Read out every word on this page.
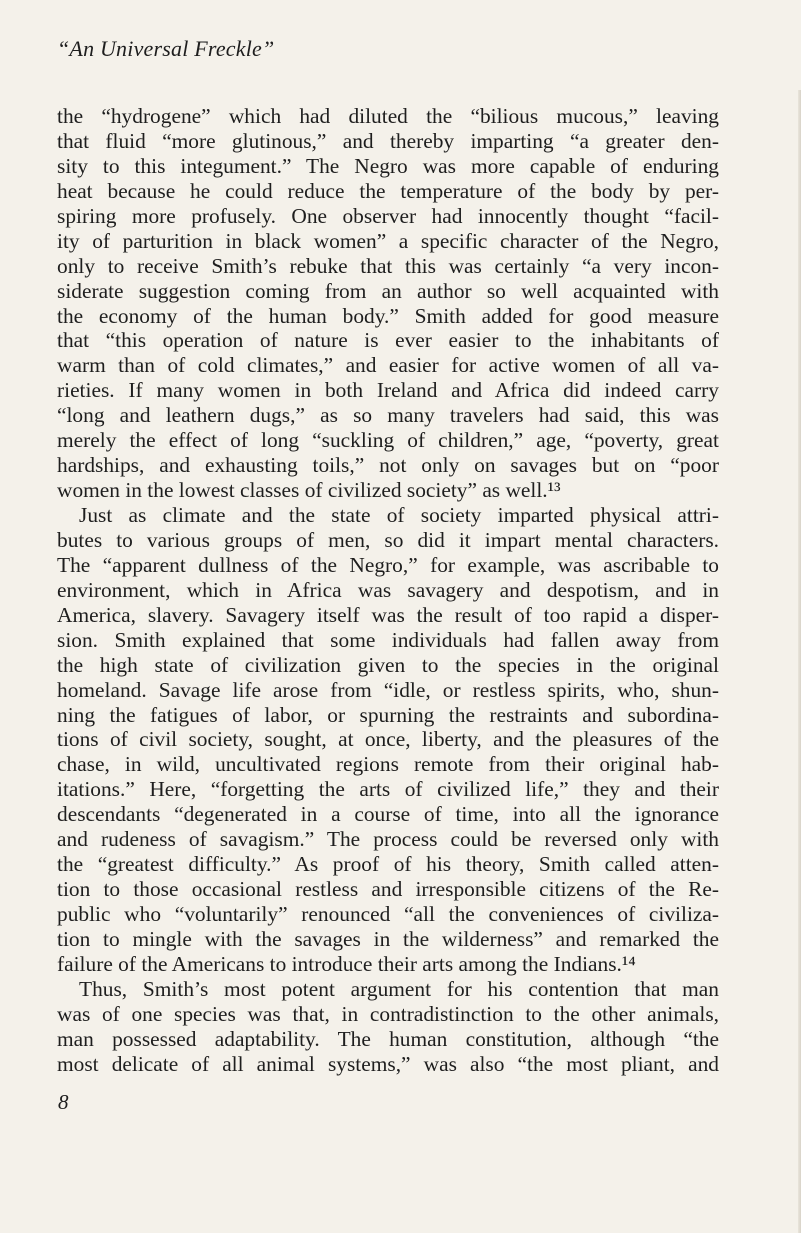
“An Universal Freckle”
the “hydrogene” which had diluted the “bilious mucous,” leaving
that fluid “more glutinous,” and thereby imparting “a greater den-
sity to this integument.” The Negro was more capable of enduring
heat because he could reduce the temperature of the body by per-
spiring more profusely. One observer had innocently thought “facil-
ity of parturition in black women” a specific character of the Negro,
only to receive Smith’s rebuke that this was certainly “a very incon-
siderate suggestion coming from an author so well acquainted with
the economy of the human body.” Smith added for good measure
that “this operation of nature is ever easier to the inhabitants of
warm than of cold climates,” and easier for active women of all va-
rieties. If many women in both Ireland and Africa did indeed carry
“long and leathern dugs,” as so many travelers had said, this was
merely the effect of long “suckling of children,” age, “poverty, great
hardships, and exhausting toils,” not only on savages but on “poor
women in the lowest classes of civilized society” as well.¹³
Just as climate and the state of society imparted physical attri-
butes to various groups of men, so did it impart mental characters.
The “apparent dullness of the Negro,” for example, was ascribable to
environment, which in Africa was savagery and despotism, and in
America, slavery. Savagery itself was the result of too rapid a disper-
sion. Smith explained that some individuals had fallen away from
the high state of civilization given to the species in the original
homeland. Savage life arose from “idle, or restless spirits, who, shun-
ning the fatigues of labor, or spurning the restraints and subordina-
tions of civil society, sought, at once, liberty, and the pleasures of the
chase, in wild, uncultivated regions remote from their original hab-
itations.” Here, “forgetting the arts of civilized life,” they and their
descendants “degenerated in a course of time, into all the ignorance
and rudeness of savagism.” The process could be reversed only with
the “greatest difficulty.” As proof of his theory, Smith called atten-
tion to those occasional restless and irresponsible citizens of the Re-
public who “voluntarily” renounced “all the conveniences of civiliza-
tion to mingle with the savages in the wilderness” and remarked the
failure of the Americans to introduce their arts among the Indians.¹⁴
Thus, Smith’s most potent argument for his contention that man
was of one species was that, in contradistinction to the other animals,
man possessed adaptability. The human constitution, although “the
most delicate of all animal systems,” was also “the most pliant, and
8
